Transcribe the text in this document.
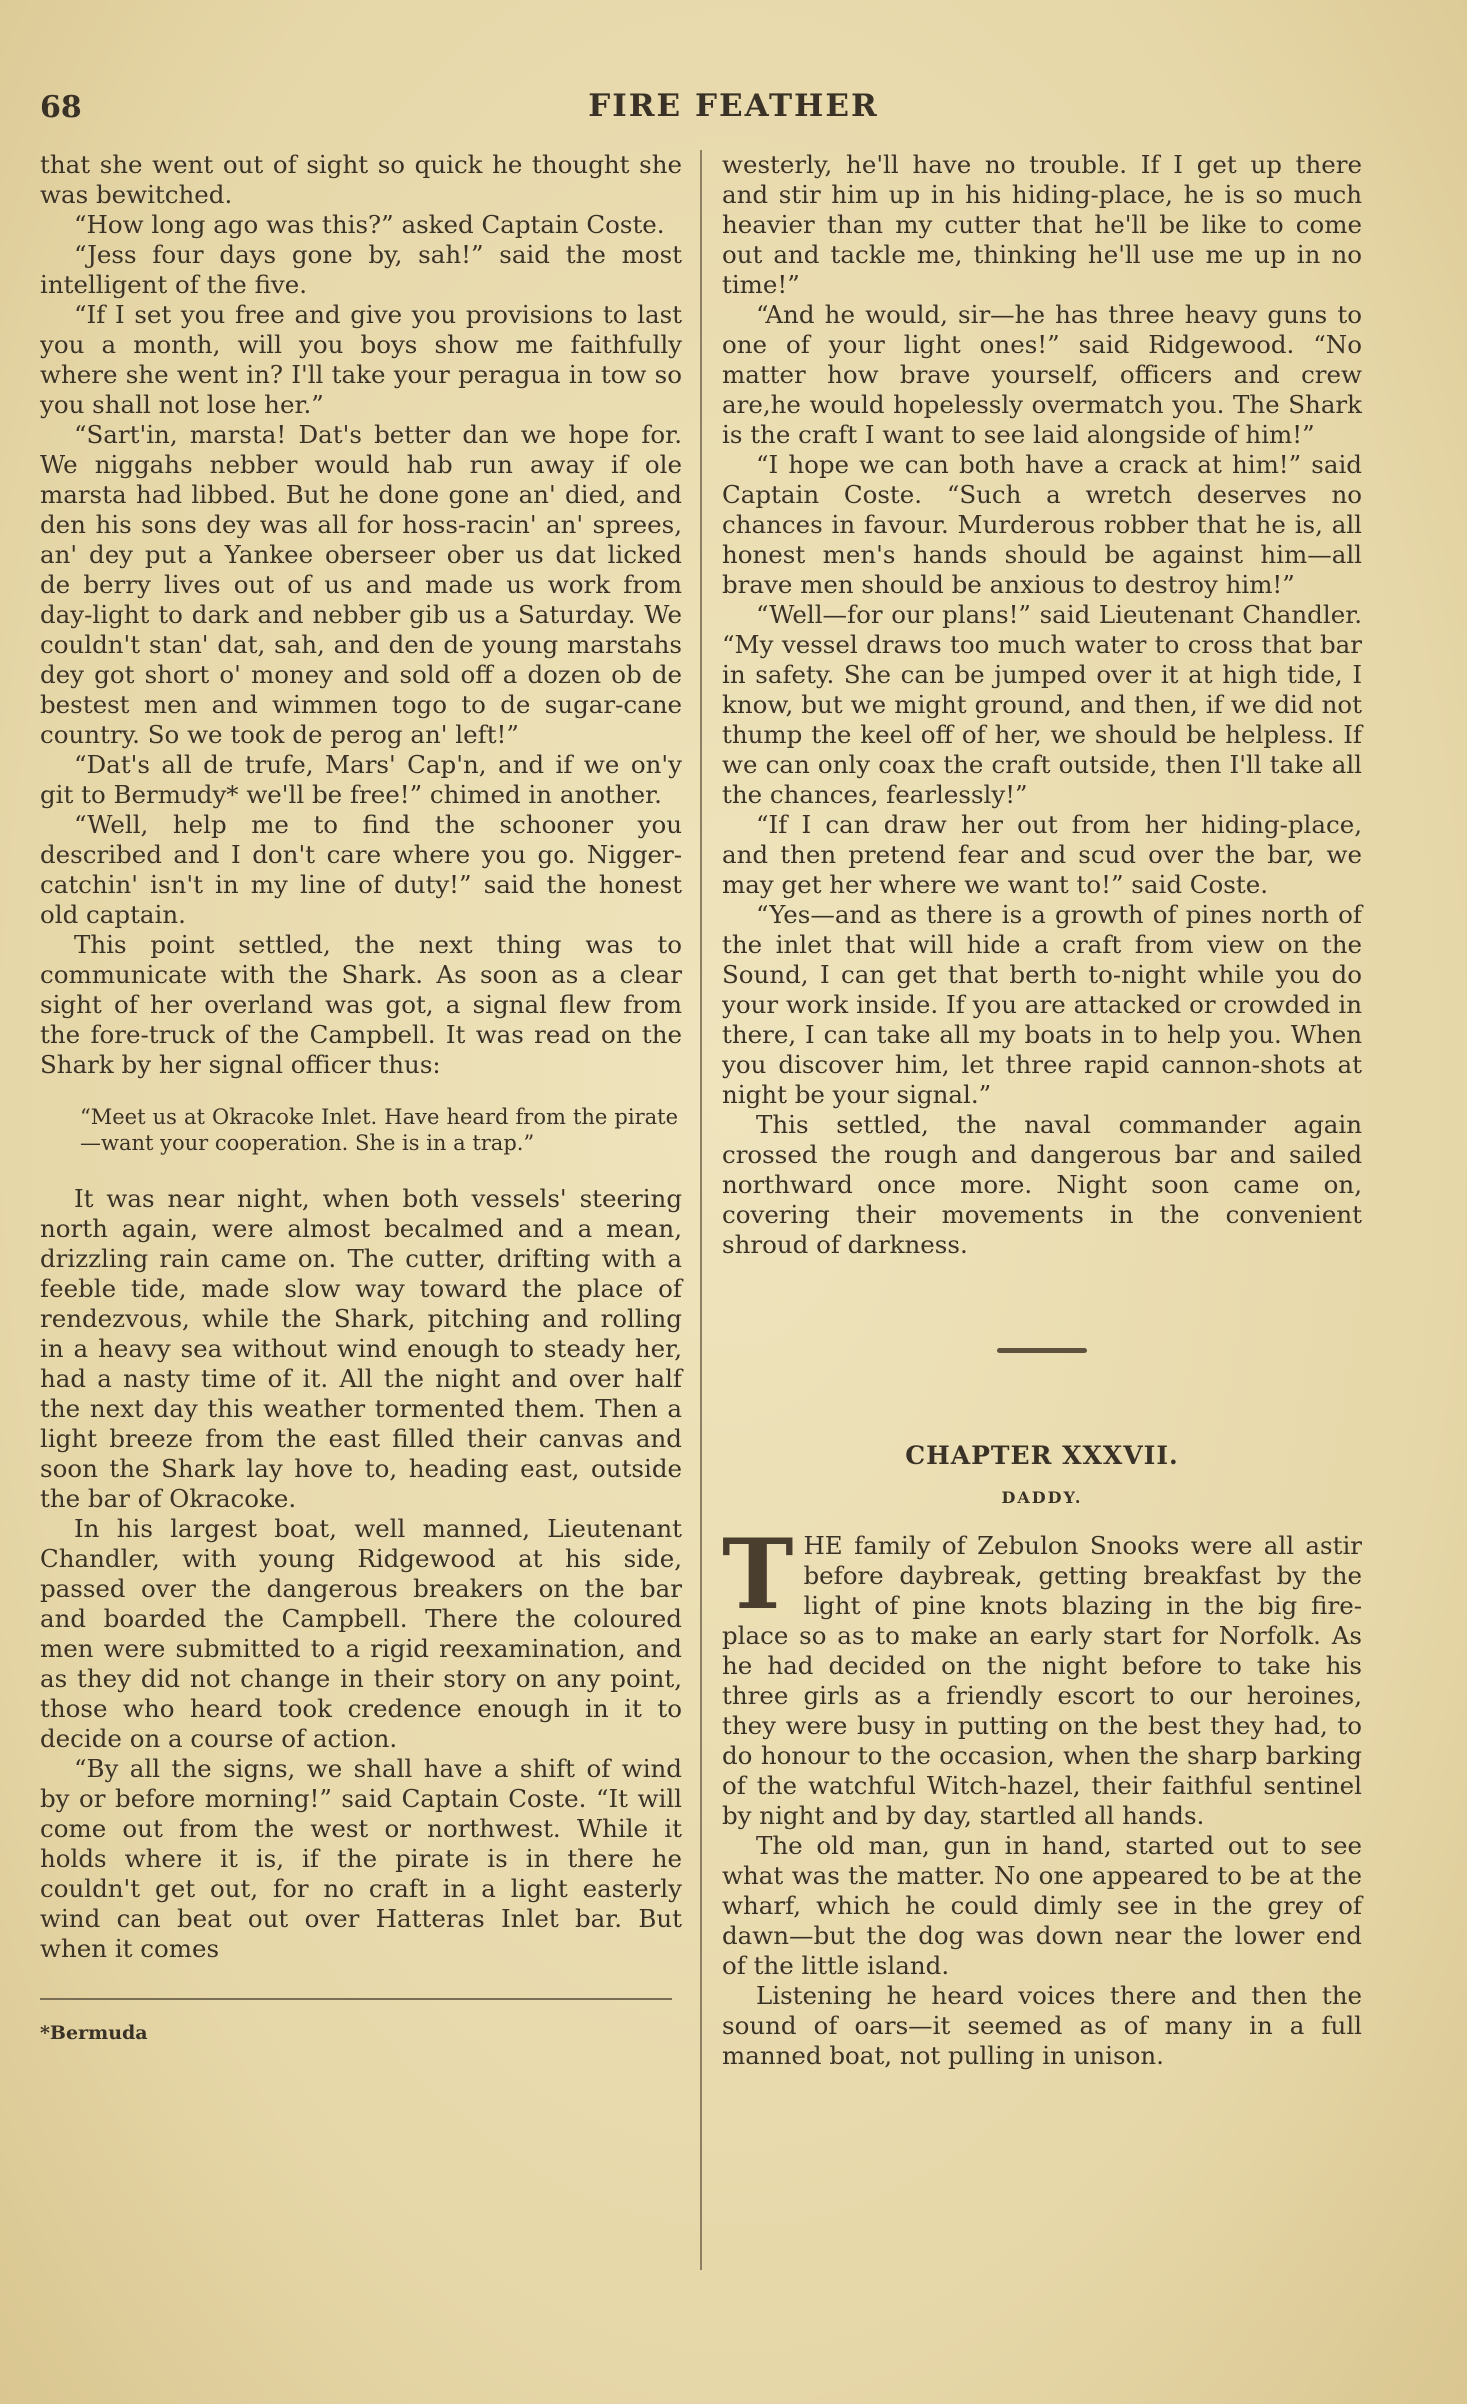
68	FIRE FEATHER

that she went out of sight so quick he thought she was bewitched.

“How long ago was this?” asked Captain Coste.

“Jess four days gone by, sah!” said the most intelligent of the five.

“If I set you free and give you provisions to last you a month, will you boys show me faithfully where she went in? I'll take your peragua in tow so you shall not lose her.”

“Sart'in, marsta! Dat's better dan we hope for. We niggahs nebber would hab run away if ole marsta had libbed. But he done gone an' died, and den his sons dey was all for hoss-racin' an' sprees, an' dey put a Yankee oberseer ober us dat licked de berry lives out of us and made us work from day-light to dark and nebber gib us a Saturday. We couldn't stan' dat, sah, and den de young marstahs dey got short o' money and sold off a dozen ob de bestest men and wimmen togo to de sugar-cane country. So we took de perog an' left!”

“Dat's all de trufe, Mars' Cap'n, and if we on'y git to Bermudy* we'll be free!” chimed in another.

“Well, help me to find the schooner you described and I don't care where you go. Nigger-catchin' isn't in my line of duty!” said the honest old captain.

This point settled, the next thing was to communicate with the Shark. As soon as a clear sight of her overland was got, a signal flew from the fore-truck of the Campbell. It was read on the Shark by her signal officer thus:

“Meet us at Okracoke Inlet. Have heard from the pirate—want your cooperation. She is in a trap.”

It was near night, when both vessels' steering north again, were almost becalmed and a mean, drizzling rain came on. The cutter, drifting with a feeble tide, made slow way toward the place of rendezvous, while the Shark, pitching and rolling in a heavy sea without wind enough to steady her, had a nasty time of it. All the night and over half the next day this weather tormented them. Then a light breeze from the east filled their canvas and soon the Shark lay hove to, heading east, outside the bar of Okracoke.

In his largest boat, well manned, Lieutenant Chandler, with young Ridgewood at his side, passed over the dangerous breakers on the bar and boarded the Campbell. There the coloured men were submitted to a rigid reexamination, and as they did not change in their story on any point, those who heard took credence enough in it to decide on a course of action.

“By all the signs, we shall have a shift of wind by or before morning!” said Captain Coste. “It will come out from the west or northwest. While it holds where it is, if the pirate is in there he couldn't get out, for no craft in a light easterly wind can beat out over Hatteras Inlet bar. But when it comes

*Bermuda

westerly, he'll have no trouble. If I get up there and stir him up in his hiding-place, he is so much heavier than my cutter that he'll be like to come out and tackle me, thinking he'll use me up in no time!”

“And he would, sir—he has three heavy guns to one of your light ones!” said Ridgewood. “No matter how brave yourself, officers and crew are,he would hopelessly overmatch you. The Shark is the craft I want to see laid alongside of him!”

“I hope we can both have a crack at him!” said Captain Coste. “Such a wretch deserves no chances in favour. Murderous robber that he is, all honest men's hands should be against him—all brave men should be anxious to destroy him!”

“Well—for our plans!” said Lieutenant Chandler. “My vessel draws too much water to cross that bar in safety. She can be jumped over it at high tide, I know, but we might ground, and then, if we did not thump the keel off of her, we should be helpless. If we can only coax the craft outside, then I'll take all the chances, fearlessly!”

“If I can draw her out from her hiding-place, and then pretend fear and scud over the bar, we may get her where we want to!” said Coste.

“Yes—and as there is a growth of pines north of the inlet that will hide a craft from view on the Sound, I can get that berth to-night while you do your work inside. If you are attacked or crowded in there, I can take all my boats in to help you. When you discover him, let three rapid cannon-shots at night be your signal.”

This settled, the naval commander again crossed the rough and dangerous bar and sailed northward once more. Night soon came on, covering their movements in the convenient shroud of darkness.

CHAPTER XXXVII.
DADDY.

THE family of Zebulon Snooks were all astir before daybreak, getting breakfast by the light of pine knots blazing in the big fire-place so as to make an early start for Norfolk. As he had decided on the night before to take his three girls as a friendly escort to our heroines, they were busy in putting on the best they had, to do honour to the occasion, when the sharp barking of the watchful Witch-hazel, their faithful sentinel by night and by day, startled all hands.

The old man, gun in hand, started out to see what was the matter. No one appeared to be at the wharf, which he could dimly see in the grey of dawn—but the dog was down near the lower end of the little island.

Listening he heard voices there and then the sound of oars—it seemed as of many in a full manned boat, not pulling in unison.
